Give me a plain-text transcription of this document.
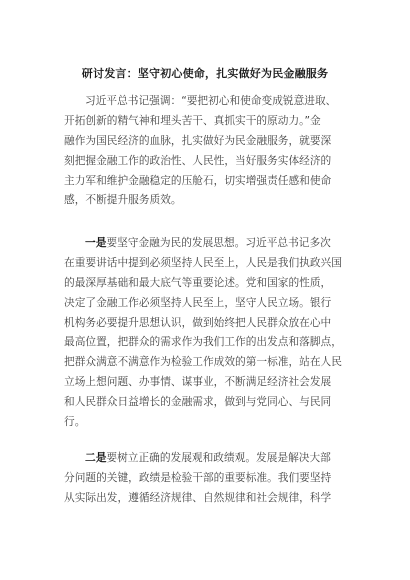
研讨发言：坚守初心使命，扎实做好为民金融服务

习近平总书记强调：“要把初心和使命变成锐意进取、
开拓创新的精气神和埋头苦干、真抓实干的原动力。”金
融作为国民经济的血脉，扎实做好为民金融服务，就要深
刻把握金融工作的政治性、人民性，当好服务实体经济的
主力军和维护金融稳定的压舱石，切实增强责任感和使命
感，不断提升服务质效。

一是要坚守金融为民的发展思想。习近平总书记多次
在重要讲话中提到必须坚持人民至上，人民是我们执政兴国
的最深厚基础和最大底气等重要论述。党和国家的性质，
决定了金融工作必须坚持人民至上，坚守人民立场。银行
机构务必要提升思想认识，做到始终把人民群众放在心中
最高位置，把群众的需求作为我们工作的出发点和落脚点，
把群众满意不满意作为检验工作成效的第一标准，站在人民
立场上想问题、办事情、谋事业，不断满足经济社会发展
和人民群众日益增长的金融需求，做到与党同心、与民同
行。

二是要树立正确的发展观和政绩观。发展是解决大部
分问题的关键，政绩是检验干部的重要标准。我们要坚持
从实际出发，遵循经济规律、自然规律和社会规律，科学
